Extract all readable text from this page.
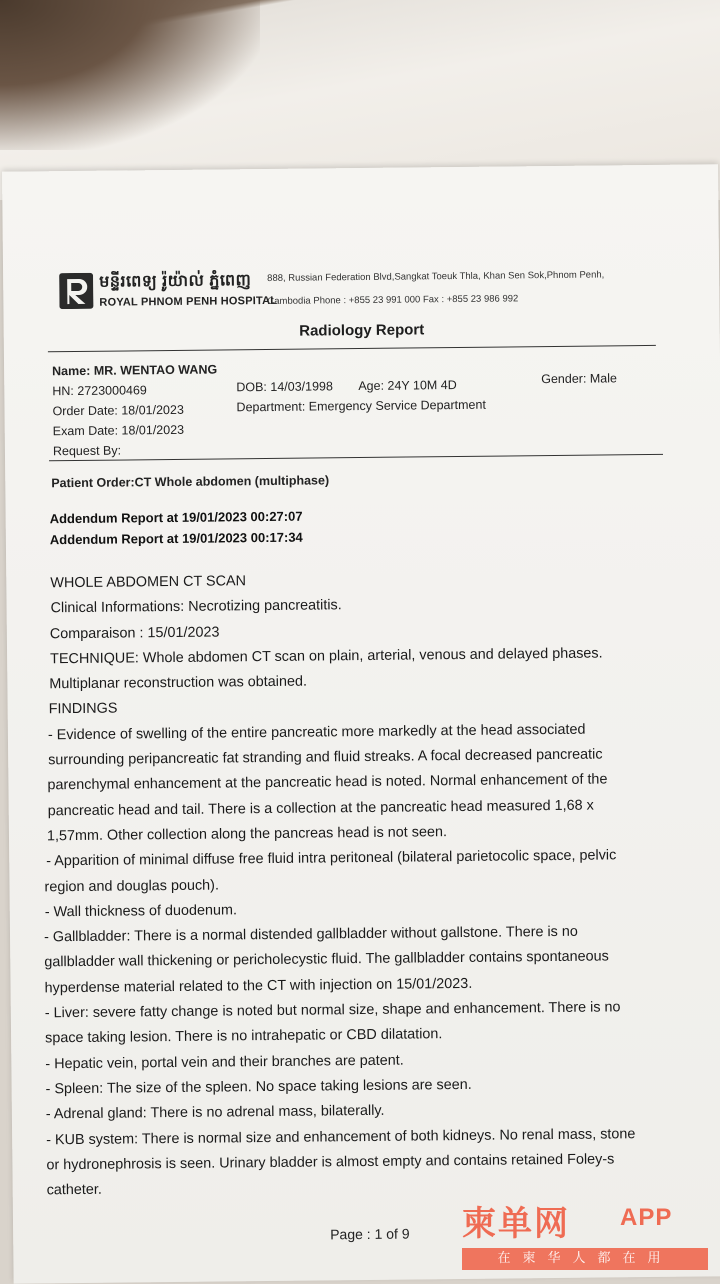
មន្ទីរពេទ្យ រ៉ូយ៉ាល់ ភ្នំពេញ 888, Russian Federation Blvd,Sangkat Toeuk Thla, Khan Sen Sok,Phnom Penh,
ROYAL PHNOM PENH HOSPITAL
Cambodia Phone : +855 23 991 000 Fax : +855 23 986 992
Radiology Report
Name: MR. WENTAO WANG
HN: 2723000469	DOB: 14/03/1998 Age: 24Y 10M 4D	Gender: Male
Order Date: 18/01/2023	Department: Emergency Service Department
Exam Date: 18/01/2023
Request By:
Patient Order:CT Whole abdomen (multiphase)
Addendum Report at 19/01/2023 00:27:07
Addendum Report at 19/01/2023 00:17:34
WHOLE ABDOMEN CT SCAN
Clinical Informations: Necrotizing pancreatitis.
Comparaison : 15/01/2023
TECHNIQUE: Whole abdomen CT scan on plain, arterial, venous and delayed phases.
Multiplanar reconstruction was obtained.
FINDINGS
- Evidence of swelling of the entire pancreatic more markedly at the head associated
surrounding peripancreatic fat stranding and fluid streaks. A focal decreased pancreatic
parenchymal enhancement at the pancreatic head is noted. Normal enhancement of the
pancreatic head and tail. There is a collection at the pancreatic head measured 1,68 x
1,57mm. Other collection along the pancreas head is not seen.
- Apparition of minimal diffuse free fluid intra peritoneal (bilateral parietocolic space, pelvic
region and douglas pouch).
- Wall thickness of duodenum.
- Gallbladder: There is a normal distended gallbladder without gallstone. There is no
gallbladder wall thickening or pericholecystic fluid. The gallbladder contains spontaneous
hyperdense material related to the CT with injection on 15/01/2023.
- Liver: severe fatty change is noted but normal size, shape and enhancement. There is no
space taking lesion. There is no intrahepatic or CBD dilatation.
- Hepatic vein, portal vein and their branches are patent.
- Spleen: The size of the spleen. No space taking lesions are seen.
- Adrenal gland: There is no adrenal mass, bilaterally.
- KUB system: There is normal size and enhancement of both kidneys. No renal mass, stone
or hydronephrosis is seen. Urinary bladder is almost empty and contains retained Foley-s
catheter.
Page : 1 of 9 柬单网 APP
在柬华人都在用
